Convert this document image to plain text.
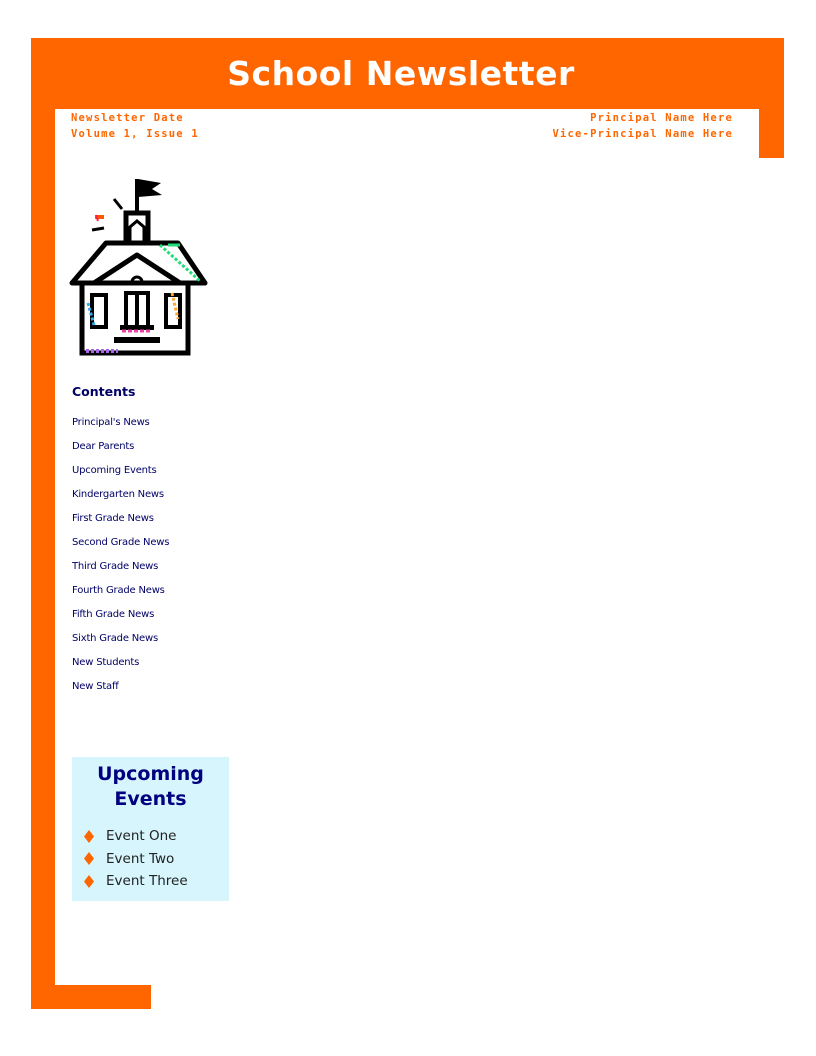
School Newsletter
Newsletter Date
Volume 1, Issue 1
Principal Name Here
Vice-Principal Name Here
Contents
Principal's News
Dear Parents
Upcoming Events
Kindergarten News
First Grade News
Second Grade News
Third Grade News
Fourth Grade News
Fifth Grade News
Sixth Grade News
New Students
New Staff
Upcoming Events
Event One
Event Two
Event Three
